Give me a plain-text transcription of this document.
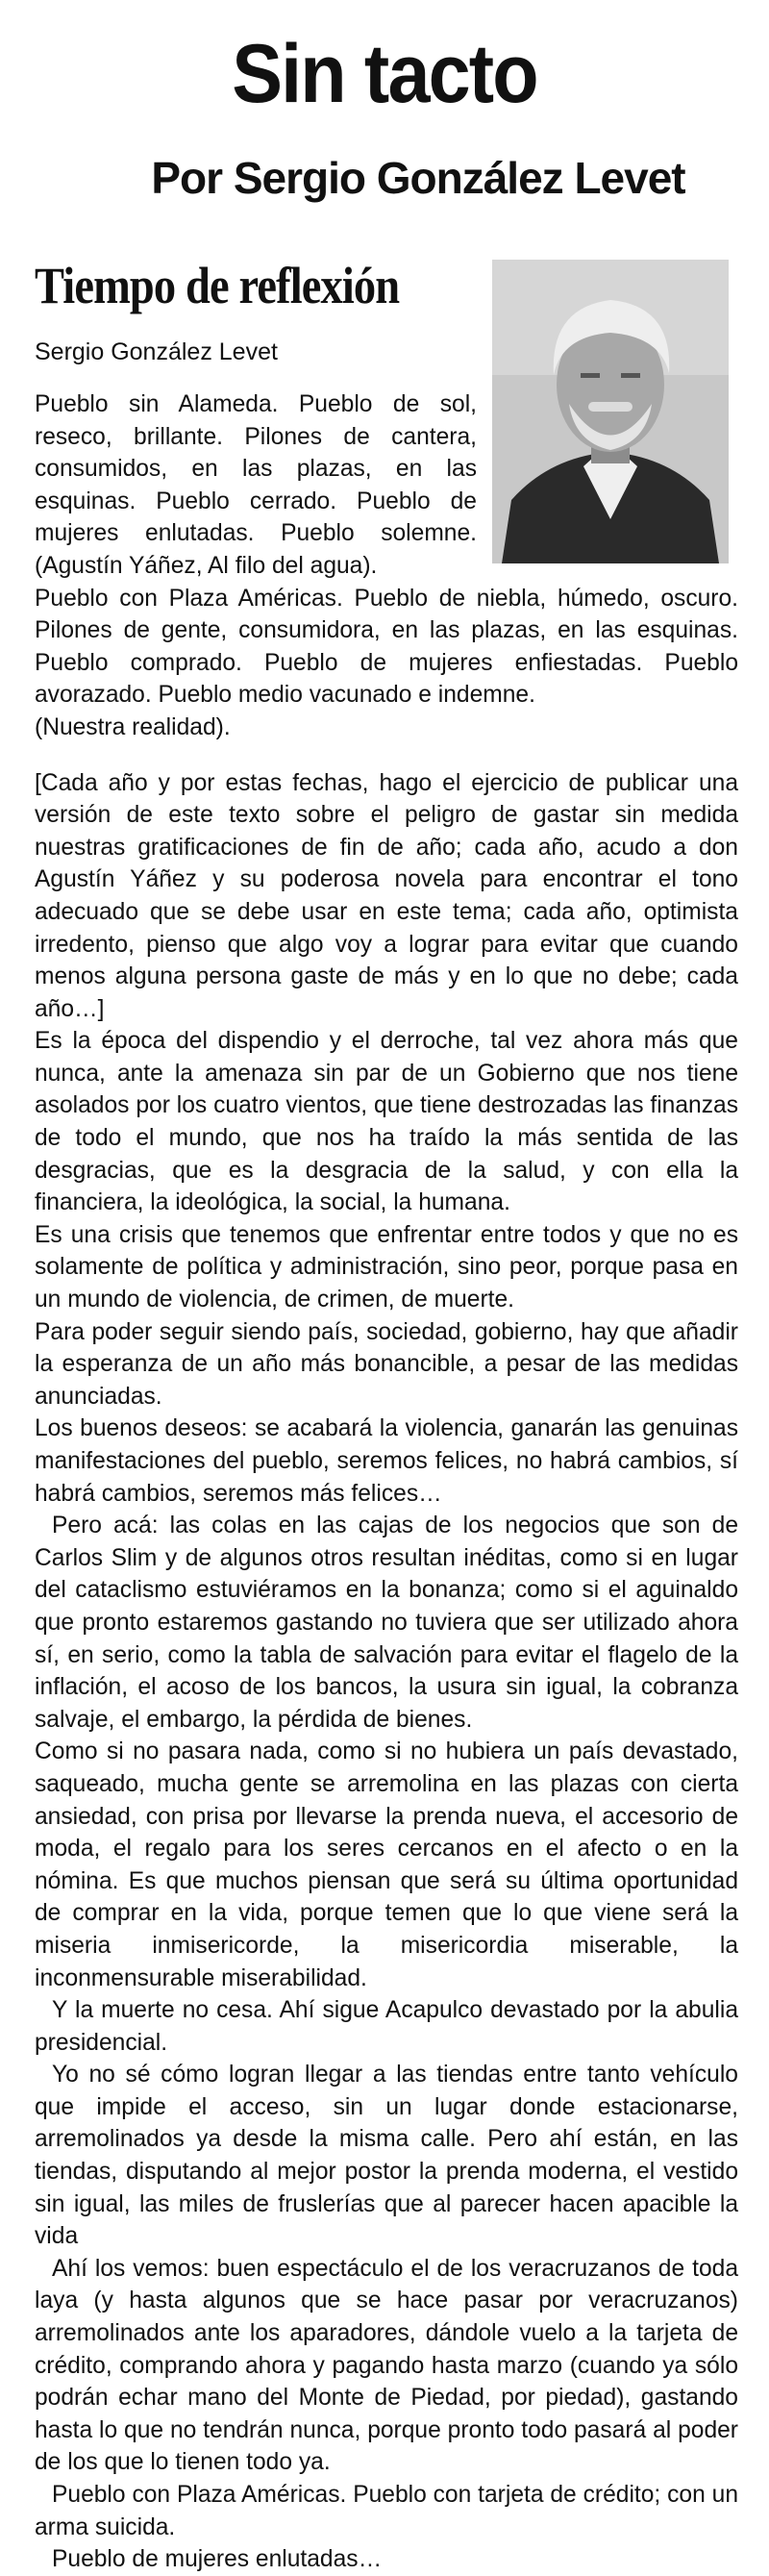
Sin tacto
Por Sergio González Levet
Tiempo de reflexión
Sergio González Levet

Pueblo sin Alameda. Pueblo de sol, reseco, brillante. Pilones de cantera, consumidos, en las plazas, en las esquinas. Pueblo cerrado. Pueblo de mujeres enlutadas. Pueblo solemne. (Agustín Yáñez, Al filo del agua).

Pueblo con Plaza Américas. Pueblo de niebla, húmedo, oscuro. Pilones de gente, consumidora, en las plazas, en las esquinas. Pueblo comprado. Pueblo de mujeres enfiestadas. Pueblo avorazado. Pueblo medio vacunado e indemne.

(Nuestra realidad).

[Cada año y por estas fechas, hago el ejercicio de publicar una versión de este texto sobre el peligro de gastar sin medida nuestras gratificaciones de fin de año; cada año, acudo a don Agustín Yáñez y su poderosa novela para encontrar el tono adecuado que se debe usar en este tema; cada año, optimista irredento, pienso que algo voy a lograr para evitar que cuando menos alguna persona gaste de más y en lo que no debe; cada año…]

Es la época del dispendio y el derroche, tal vez ahora más que nunca, ante la amenaza sin par de un Gobierno que nos tiene asolados por los cuatro vientos, que tiene destrozadas las finanzas de todo el mundo, que nos ha traído la más sentida de las desgracias, que es la desgracia de la salud, y con ella la financiera, la ideológica, la social, la humana.

Es una crisis que tenemos que enfrentar entre todos y que no es solamente de política y administración, sino peor, porque pasa en un mundo de violencia, de crimen, de muerte.

Para poder seguir siendo país, sociedad, gobierno, hay que añadir la esperanza de un año más bonancible, a pesar de las medidas anunciadas.

Los buenos deseos: se acabará la violencia, ganarán las genuinas manifestaciones del pueblo, seremos felices, no habrá cambios, sí habrá cambios, seremos más felices…

Pero acá: las colas en las cajas de los negocios que son de Carlos Slim y de algunos otros resultan inéditas, como si en lugar del cataclismo estuviéramos en la bonanza; como si el aguinaldo que pronto estaremos gastando no tuviera que ser utilizado ahora sí, en serio, como la tabla de salvación para evitar el flagelo de la inflación, el acoso de los bancos, la usura sin igual, la cobranza salvaje, el embargo, la pérdida de bienes.

Como si no pasara nada, como si no hubiera un país devastado, saqueado, mucha gente se arremolina en las plazas con cierta ansiedad, con prisa por llevarse la prenda nueva, el accesorio de moda, el regalo para los seres cercanos en el afecto o en la nómina. Es que muchos piensan que será su última oportunidad de comprar en la vida, porque temen que lo que viene será la miseria inmisericorde, la misericordia miserable, la inconmensurable miserabilidad.

Y la muerte no cesa. Ahí sigue Acapulco devastado por la abulia presidencial.

Yo no sé cómo logran llegar a las tiendas entre tanto vehículo que impide el acceso, sin un lugar donde estacionarse, arremolinados ya desde la misma calle. Pero ahí están, en las tiendas, disputando al mejor postor la prenda moderna, el vestido sin igual, las miles de fruslerías que al parecer hacen apacible la vida

Ahí los vemos: buen espectáculo el de los veracruzanos de toda laya (y hasta algunos que se hace pasar por veracruzanos) arremolinados ante los aparadores, dándole vuelo a la tarjeta de crédito, comprando ahora y pagando hasta marzo (cuando ya sólo podrán echar mano del Monte de Piedad, por piedad), gastando hasta lo que no tendrán nunca, porque pronto todo pasará al poder de los que lo tienen todo ya.

Pueblo con Plaza Américas. Pueblo con tarjeta de crédito; con un arma suicida.

Pueblo de mujeres enlutadas…
